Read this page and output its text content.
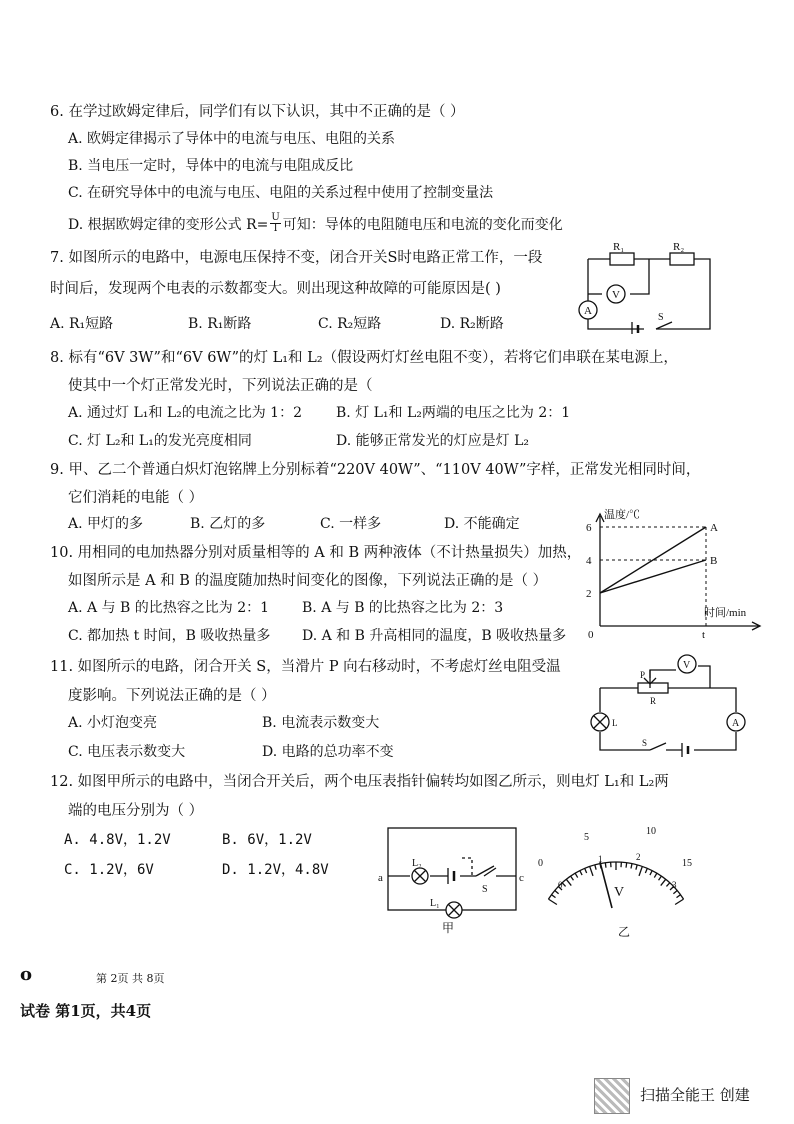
6. 在学过欧姆定律后，同学们有以下认识，其中不正确的是（ ）
A. 欧姆定律揭示了导体中的电流与电压、电阻的关系
B. 当电压一定时，导体中的电流与电阻成反比
C. 在研究导体中的电流与电压、电阻的关系过程中使用了控制变量法
D. 根据欧姆定律的变形公式 $R= \frac{U}{I}$ 可知：导体的电阻随电压和电流的变化而变化
7. 如图所示的电路中，电源电压保持不变，闭合开关S时电路正常工作，一段
时间后，发现两个电表的示数都变大。则出现这种故障的可能原因是( )
A. R₁短路	B. R₁断路	C. R₂短路	D. R₂断路
R₁	R₂
V
A
S
8. 标有“6V 3W”和“6V 6W”的灯 L₁和 L₂（假设两灯灯丝电阻不变），若将它们串联在某电源上，
使其中一个灯正常发光时，下列说法正确的是（
A. 通过灯 L₁和 L₂的电流之比为 1：2 B. 灯 L₁和 L₂两端的电压之比为 2：1
C. 灯 L₂和 L₁的发光亮度相同	D. 能够正常发光的灯应是灯 L₂
9. 甲、乙二个普通白炽灯泡铭牌上分别标着“220V 40W”、“110V 40W”字样，正常发光相同时间，
它们消耗的电能（ ）
A. 甲灯的多	B. 乙灯的多	C. 一样多	D. 不能确定
10. 用相同的电加热器分别对质量相等的 A 和 B 两种液体（不计热量损失）加热，
如图所示是 A 和 B 的温度随加热时间变化的图像，下列说法正确的是（ ）
A. A 与 B 的比热容之比为 2：1 B. A 与 B 的比热容之比为 2：3
C. 都加热 t 时间，B 吸收热量多 D. A 和 B 升高相同的温度，B 吸收热量多
2
4
6	A
B
温度/℃
时间/min
0	t
11. 如图所示的电路，闭合开关 S，当滑片 P 向右移动时，不考虑灯丝电阻受温
度影响。下列说法正确的是（ ）
A. 小灯泡变亮	B. 电流表示数变大
C. 电压表示数变大	D. 电路的总功率不变
V
P
R
L	A
S
12. 如图甲所示的电路中，当闭合开关后，两个电压表指针偏转均如图乙所示，则电灯 L₁和 L₂两
端的电压分别为（ ）
A. 4.8V，1.2V	B. 6V，1.2V
C. 1.2V，6V	D. 1.2V，4.8V	a	c
L₂
L₁
S
甲
0
5
10
15
0
1	2
3
V
乙
o	第 2页 共 8页
试卷 第1页，共4页
扫描全能王 创建
